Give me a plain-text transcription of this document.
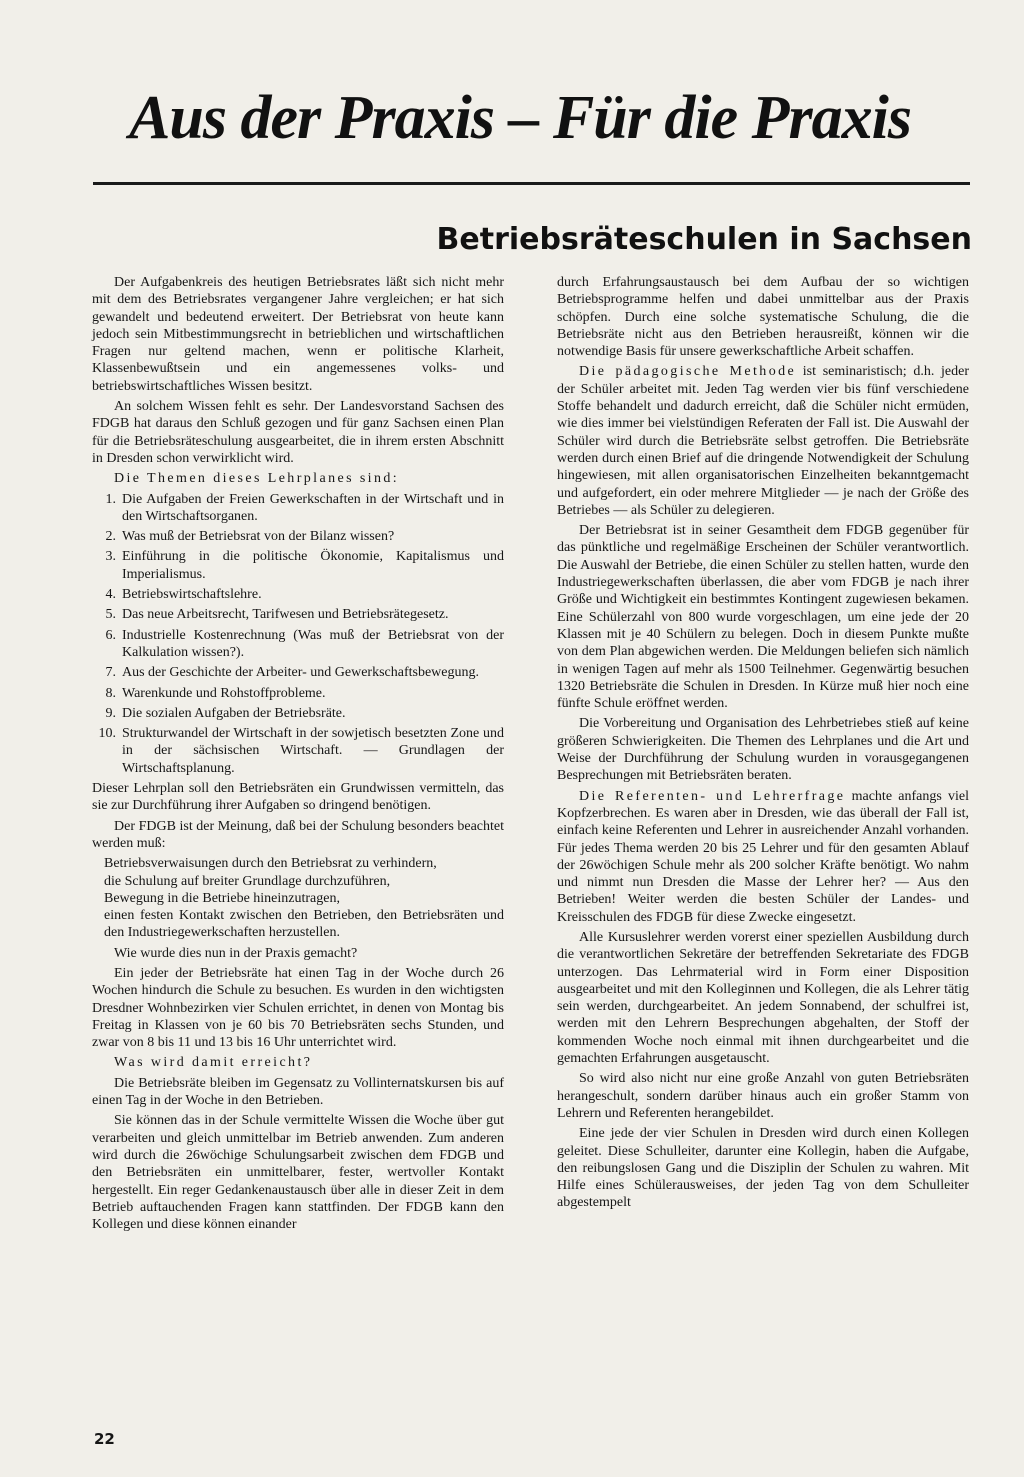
Aus der Praxis – Für die Praxis
Betriebsräteschulen in Sachsen

Der Aufgabenkreis des heutigen Betriebsrates läßt sich nicht mehr mit dem des Betriebsrates vergangener Jahre vergleichen; er hat sich gewandelt und bedeutend erweitert. Der Betriebsrat von heute kann jedoch sein Mitbestimmungsrecht in betrieblichen und wirtschaftlichen Fragen nur geltend machen, wenn er politische Klarheit, Klassenbewußtsein und ein angemessenes volks- und betriebswirtschaftliches Wissen besitzt.

An solchem Wissen fehlt es sehr. Der Landesvorstand Sachsen des FDGB hat daraus den Schluß gezogen und für ganz Sachsen einen Plan für die Betriebsräteschulung ausgearbeitet, die in ihrem ersten Abschnitt in Dresden schon verwirklicht wird.

Die Themen dieses Lehrplanes sind:

1. Die Aufgaben der Freien Gewerkschaften in der Wirtschaft und in den Wirtschaftsorganen.
2. Was muß der Betriebsrat von der Bilanz wissen?
3. Einführung in die politische Ökonomie, Kapitalismus und Imperialismus.
4. Betriebswirtschaftslehre.
5. Das neue Arbeitsrecht, Tarifwesen und Betriebsrätegesetz.
6. Industrielle Kostenrechnung (Was muß der Betriebsrat von der Kalkulation wissen?).
7. Aus der Geschichte der Arbeiter- und Gewerkschaftsbewegung.
8. Warenkunde und Rohstoffprobleme.
9. Die sozialen Aufgaben der Betriebsräte.
10. Strukturwandel der Wirtschaft in der sowjetisch besetzten Zone und in der sächsischen Wirtschaft. — Grundlagen der Wirtschaftsplanung.

Dieser Lehrplan soll den Betriebsräten ein Grundwissen vermitteln, das sie zur Durchführung ihrer Aufgaben so dringend benötigen.

Der FDGB ist der Meinung, daß bei der Schulung besonders beachtet werden muß:

Betriebsverwaisungen durch den Betriebsrat zu verhindern,
die Schulung auf breiter Grundlage durchzuführen,
Bewegung in die Betriebe hineinzutragen,
einen festen Kontakt zwischen den Betrieben, den Betriebsräten und den Industriegewerkschaften herzustellen.

Wie wurde dies nun in der Praxis gemacht?

Ein jeder der Betriebsräte hat einen Tag in der Woche durch 26 Wochen hindurch die Schule zu besuchen. Es wurden in den wichtigsten Dresdner Wohnbezirken vier Schulen errichtet, in denen von Montag bis Freitag in Klassen von je 60 bis 70 Betriebsräten sechs Stunden, und zwar von 8 bis 11 und 13 bis 16 Uhr unterrichtet wird.

Was wird damit erreicht?

Die Betriebsräte bleiben im Gegensatz zu Vollinternatskursen bis auf einen Tag in der Woche in den Betrieben.

Sie können das in der Schule vermittelte Wissen die Woche über gut verarbeiten und gleich unmittelbar im Betrieb anwenden. Zum anderen wird durch die 26wöchige Schulungsarbeit zwischen dem FDGB und den Betriebsräten ein unmittelbarer, fester, wertvoller Kontakt hergestellt. Ein reger Gedankenaustausch über alle in dieser Zeit in dem Betrieb auftauchenden Fragen kann stattfinden. Der FDGB kann den Kollegen und diese können einander

durch Erfahrungsaustausch bei dem Aufbau der so wichtigen Betriebsprogramme helfen und dabei unmittelbar aus der Praxis schöpfen. Durch eine solche systematische Schulung, die die Betriebsräte nicht aus den Betrieben herausreißt, können wir die notwendige Basis für unsere gewerkschaftliche Arbeit schaffen.

Die pädagogische Methode ist seminaristisch; d.h. jeder der Schüler arbeitet mit. Jeden Tag werden vier bis fünf verschiedene Stoffe behandelt und dadurch erreicht, daß die Schüler nicht ermüden, wie dies immer bei vielstündigen Referaten der Fall ist. Die Auswahl der Schüler wird durch die Betriebsräte selbst getroffen. Die Betriebsräte werden durch einen Brief auf die dringende Notwendigkeit der Schulung hingewiesen, mit allen organisatorischen Einzelheiten bekanntgemacht und aufgefordert, ein oder mehrere Mitglieder — je nach der Größe des Betriebes — als Schüler zu delegieren.

Der Betriebsrat ist in seiner Gesamtheit dem FDGB gegenüber für das pünktliche und regelmäßige Erscheinen der Schüler verantwortlich. Die Auswahl der Betriebe, die einen Schüler zu stellen hatten, wurde den Industriegewerkschaften überlassen, die aber vom FDGB je nach ihrer Größe und Wichtigkeit ein bestimmtes Kontingent zugewiesen bekamen. Eine Schülerzahl von 800 wurde vorgeschlagen, um eine jede der 20 Klassen mit je 40 Schülern zu belegen. Doch in diesem Punkte mußte von dem Plan abgewichen werden. Die Meldungen beliefen sich nämlich in wenigen Tagen auf mehr als 1500 Teilnehmer. Gegenwärtig besuchen 1320 Betriebsräte die Schulen in Dresden. In Kürze muß hier noch eine fünfte Schule eröffnet werden.

Die Vorbereitung und Organisation des Lehrbetriebes stieß auf keine größeren Schwierigkeiten. Die Themen des Lehrplanes und die Art und Weise der Durchführung der Schulung wurden in vorausgegangenen Besprechungen mit Betriebsräten beraten.

Die Referenten- und Lehrerfrage machte anfangs viel Kopfzerbrechen. Es waren aber in Dresden, wie das überall der Fall ist, einfach keine Referenten und Lehrer in ausreichender Anzahl vorhanden. Für jedes Thema werden 20 bis 25 Lehrer und für den gesamten Ablauf der 26wöchigen Schule mehr als 200 solcher Kräfte benötigt. Wo nahm und nimmt nun Dresden die Masse der Lehrer her? — Aus den Betrieben! Weiter werden die besten Schüler der Landes- und Kreisschulen des FDGB für diese Zwecke eingesetzt.

Alle Kursuslehrer werden vorerst einer speziellen Ausbildung durch die verantwortlichen Sekretäre der betreffenden Sekretariate des FDGB unterzogen. Das Lehrmaterial wird in Form einer Disposition ausgearbeitet und mit den Kolleginnen und Kollegen, die als Lehrer tätig sein werden, durchgearbeitet. An jedem Sonnabend, der schulfrei ist, werden mit den Lehrern Besprechungen abgehalten, der Stoff der kommenden Woche noch einmal mit ihnen durchgearbeitet und die gemachten Erfahrungen ausgetauscht.

So wird also nicht nur eine große Anzahl von guten Betriebsräten herangeschult, sondern darüber hinaus auch ein großer Stamm von Lehrern und Referenten herangebildet.

Eine jede der vier Schulen in Dresden wird durch einen Kollegen geleitet. Diese Schulleiter, darunter eine Kollegin, haben die Aufgabe, den reibungslosen Gang und die Disziplin der Schulen zu wahren. Mit Hilfe eines Schülerausweises, der jeden Tag von dem Schulleiter abgestempelt

22
